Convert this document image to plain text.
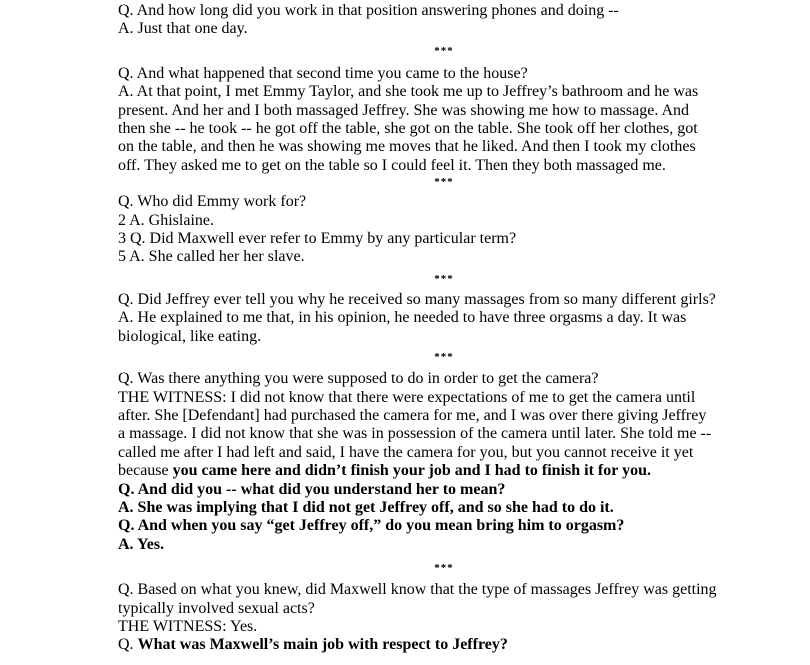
Q. And how long did you work in that position answering phones and doing --
A. Just that one day.
***
Q. And what happened that second time you came to the house?
A. At that point, I met Emmy Taylor, and she took me up to Jeffrey’s bathroom and he was
present. And her and I both massaged Jeffrey. She was showing me how to massage. And
then she -- he took -- he got off the table, she got on the table. She took off her clothes, got
on the table, and then he was showing me moves that he liked. And then I took my clothes
off. They asked me to get on the table so I could feel it. Then they both massaged me.
***
Q. Who did Emmy work for?
2 A. Ghislaine.
3 Q. Did Maxwell ever refer to Emmy by any particular term?
5 A. She called her her slave.
***
Q. Did Jeffrey ever tell you why he received so many massages from so many different girls?
A. He explained to me that, in his opinion, he needed to have three orgasms a day. It was
biological, like eating.
***
Q. Was there anything you were supposed to do in order to get the camera?
THE WITNESS: I did not know that there were expectations of me to get the camera until
after. She [Defendant] had purchased the camera for me, and I was over there giving Jeffrey
a massage. I did not know that she was in possession of the camera until later. She told me --
called me after I had left and said, I have the camera for you, but you cannot receive it yet
because you came here and didn’t finish your job and I had to finish it for you.
Q. And did you -- what did you understand her to mean?
A. She was implying that I did not get Jeffrey off, and so she had to do it.
Q. And when you say “get Jeffrey off,” do you mean bring him to orgasm?
A. Yes.
***
Q. Based on what you knew, did Maxwell know that the type of massages Jeffrey was getting
typically involved sexual acts?
THE WITNESS: Yes.
Q. What was Maxwell’s main job with respect to Jeffrey?
